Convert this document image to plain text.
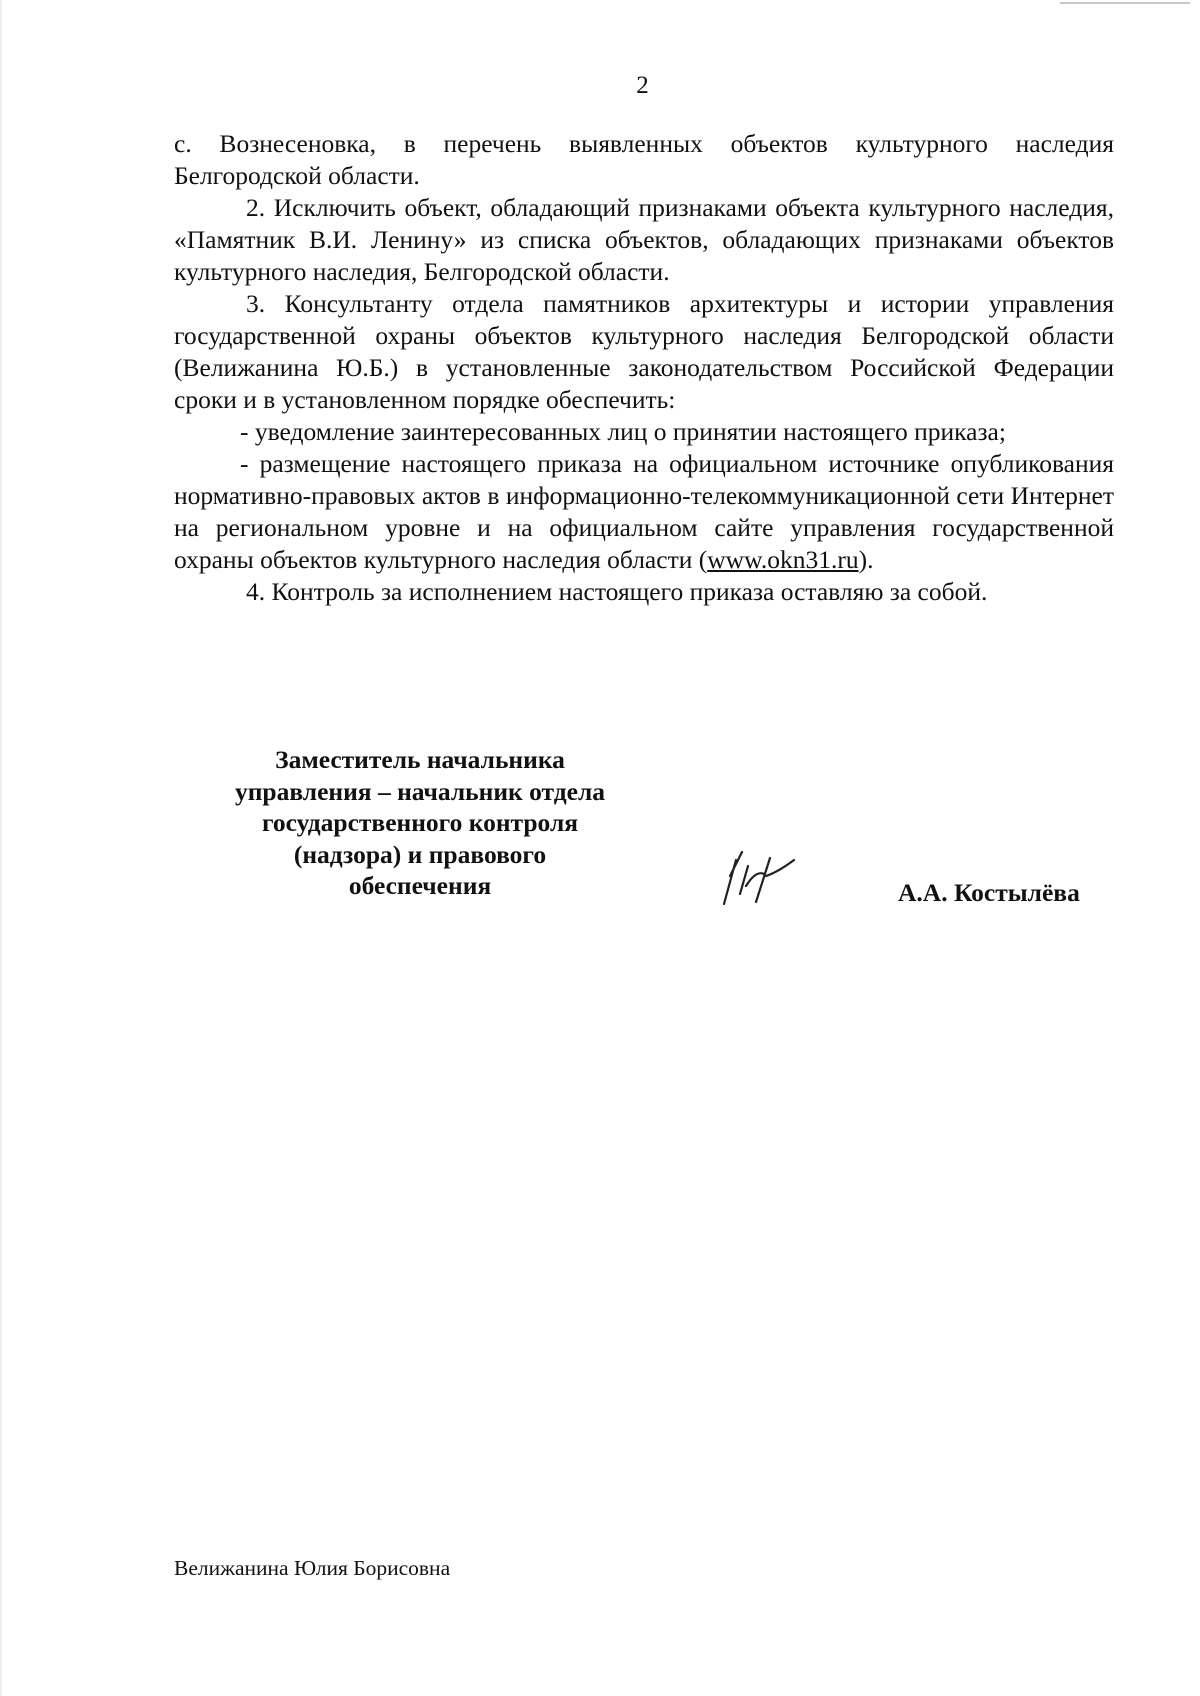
2

с. Вознесеновка, в перечень выявленных объектов культурного наследия Белгородской области.

2. Исключить объект, обладающий признаками объекта культурного наследия, «Памятник В.И. Ленину» из списка объектов, обладающих признаками объектов культурного наследия, Белгородской области.

3. Консультанту отдела памятников архитектуры и истории управления государственной охраны объектов культурного наследия Белгородской области (Велижанина Ю.Б.) в установленные законодательством Российской Федерации сроки и в установленном порядке обеспечить:

- уведомление заинтересованных лиц о принятии настоящего приказа;

- размещение настоящего приказа на официальном источнике опубликования нормативно-правовых актов в информационно-телекоммуникационной сети Интернет на региональном уровне и на официальном сайте управления государственной охраны объектов культурного наследия области (www.okn31.ru).

4. Контроль за исполнением настоящего приказа оставляю за собой.

Заместитель начальника
управления – начальник отдела
государственного контроля
(надзора) и правового
обеспечения	А.А. Костылёва
Велижанина Юлия Борисовна
